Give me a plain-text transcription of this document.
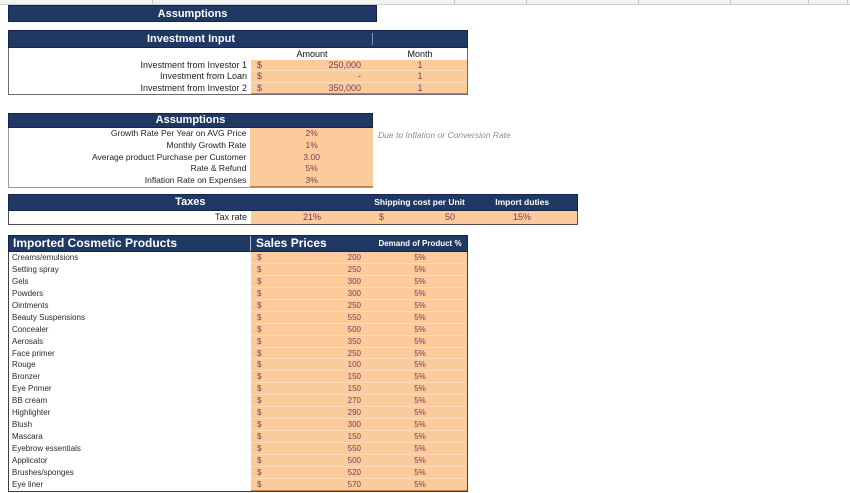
Assumptions
Investment Input
Amount	Month
Investment from Investor 1	$	250,000	1
Investment from Loan	$	-	1
Investment from Investor 2	$	350,000	1
Assumptions
Growth Rate Per Year on AVG Price	2%
Monthly Growth Rate	1%
Average product Purchase per Customer	3.00
Rate & Refund	5%
Inflation Rate on Expenses	3%
Due to Inflation or Conversion Rate
Taxes	Shipping cost per Unit	Import duties
Tax rate	21%	$	50	15%
Imported Cosmetic Products	Sales Prices	Demand of Product %
Creams/emulsions	$	200	5%
Setting spray	$	250	5%
Gels	$	300	5%
Powders	$	300	5%
Ointments	$	250	5%
Beauty Suspensions	$	550	5%
Concealer	$	500	5%
Aerosals	$	350	5%
Face primer	$	250	5%
Rouge	$	100	5%
Bronzer	$	150	5%
Eye Primer	$	150	5%
BB cream	$	270	5%
Highlighter	$	290	5%
Blush	$	300	5%
Mascara	$	150	5%
Eyebrow essentials	$	550	5%
Applicator	$	500	5%
Brushes/sponges	$	520	5%
Eye liner	$	570	5%
